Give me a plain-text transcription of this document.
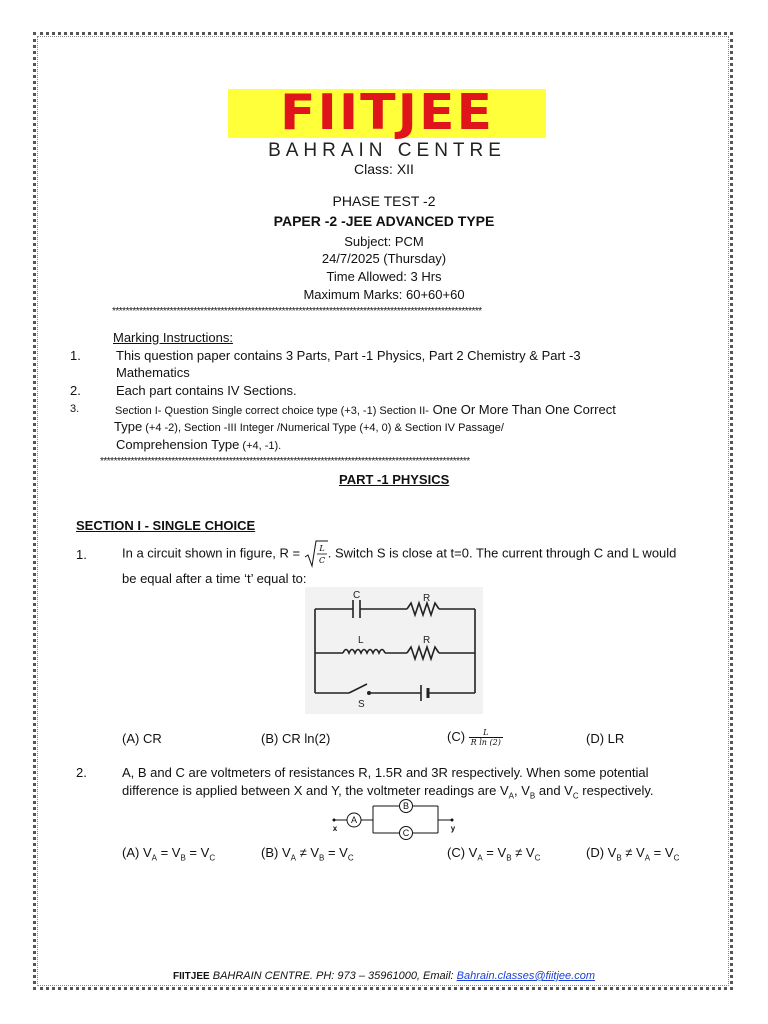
FIITJEE
BAHRAIN CENTRE
Class: XII
PHASE TEST -2
PAPER -2 -JEE ADVANCED TYPE
Subject: PCM
24/7/2025 (Thursday)
Time Allowed: 3 Hrs
Maximum Marks: 60+60+60
*************************************************************************************************************
Marking Instructions:
1.	This question paper contains 3 Parts, Part -1 Physics, Part 2 Chemistry & Part -3
Mathematics
2.	Each part contains IV Sections.
3.	Section I- Question Single correct choice type (+3, -1) Section II- One Or More Than One Correct
Type (+4 -2), Section -III Integer /Numerical Type (+4, 0) & Section IV Passage/
Comprehension Type (+4, -1).
*************************************************************************************************************
PART -1 PHYSICS
SECTION I - SINGLE CHOICE
1.	In a circuit shown in figure, R = L
C
. Switch S is close at t=0. The current through C and L would
be equal after a time ‘t’ equal to:
C	R
L	R
S
(A) CR	(B) CR ln(2)	$(C) \frac{L}{\text{R ln (2)}}$	(D) LR
2.	A, B and C are voltmeters of resistances R, 1.5R and 3R respectively. When some potential
difference is applied between X and Y, the voltmeter readings are $V_A$, $V_B$ and $V_C$ respectively.
A
B
C
x	y
(A) $V_A = V_B = V_C$	(B) $V_A \ne V_B = V_C$	(C) $V_A = V_B \ne V_C$	(D) $V_B \ne V_A = V_C$
FIITJEE BAHRAIN CENTRE. PH: 973 – 35961000, Email: Bahrain.classes@fiitjee.com
